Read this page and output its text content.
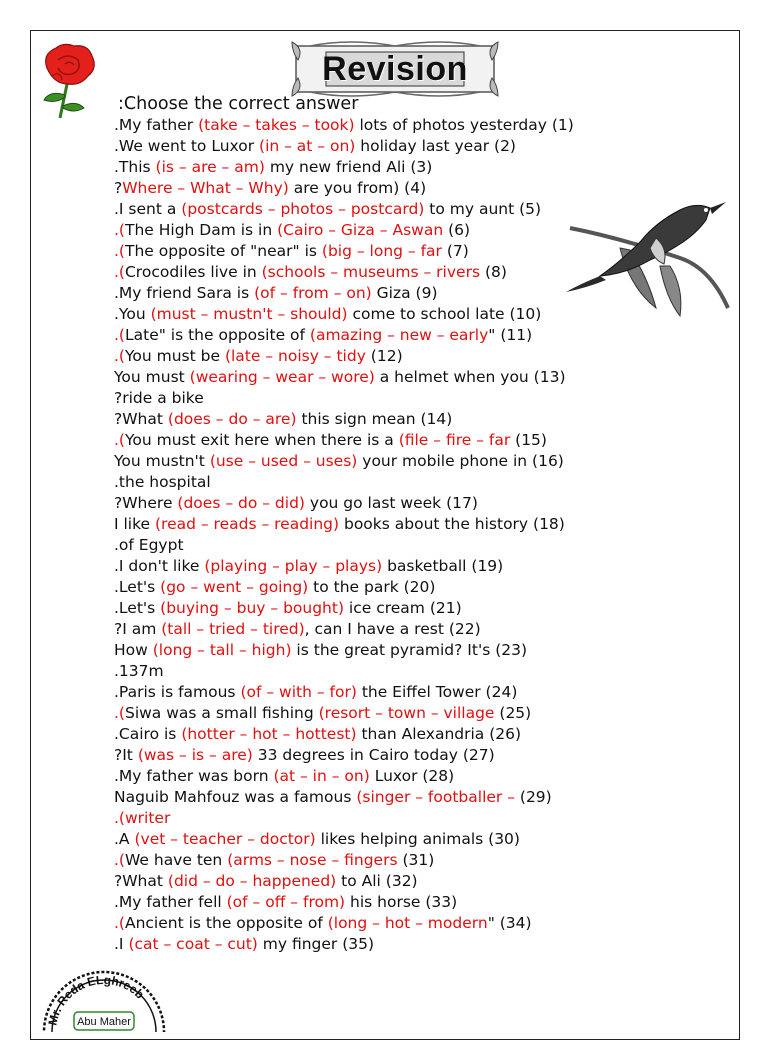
Revision
:Choose the correct answer
.My father (take – takes – took) lots of photos yesterday (1)
.We went to Luxor (in – at – on) holiday last year (2)
.This (is – are – am) my new friend Ali (3)
?Where – What – Why) are you from) (4)
.I sent a (postcards – photos – postcard) to my aunt (5)
.(The High Dam is in (Cairo – Giza – Aswan (6)
.(The opposite of "near" is (big – long – far (7)
.(Crocodiles live in (schools – museums – rivers (8)
.My friend Sara is (of – from – on) Giza (9)
.You (must – mustn't – should) come to school late (10)
.(Late" is the opposite of (amazing – new – early" (11)
.(You must be (late – noisy – tidy (12)
You must (wearing – wear – wore) a helmet when you (13)
?ride a bike
?What (does – do – are) this sign mean (14)
.(You must exit here when there is a (file – fire – far (15)
You mustn't (use – used – uses) your mobile phone in (16)
.the hospital
?Where (does – do – did) you go last week (17)
I like (read – reads – reading) books about the history (18)
.of Egypt
.I don't like (playing – play – plays) basketball (19)
.Let's (go – went – going) to the park (20)
.Let's (buying – buy – bought) ice cream (21)
?I am (tall – tried – tired), can I have a rest (22)
How (long – tall – high) is the great pyramid? It's (23)
.137m
.Paris is famous (of – with – for) the Eiffel Tower (24)
.(Siwa was a small fishing (resort – town – village (25)
.Cairo is (hotter – hot – hottest) than Alexandria (26)
?It (was – is – are) 33 degrees in Cairo today (27)
.My father was born (at – in – on) Luxor (28)
Naguib Mahfouz was a famous (singer – footballer – (29)
.(writer
.A (vet – teacher – doctor) likes helping animals (30)
.(We have ten (arms – nose – fingers (31)
?What (did – do – happened) to Ali (32)
.My father fell (of – off – from) his horse (33)
.(Ancient is the opposite of (long – hot – modern" (34)
.I (cat – coat – cut) my finger (35)
Mr. Reda ELghreeb
Abu Maher
